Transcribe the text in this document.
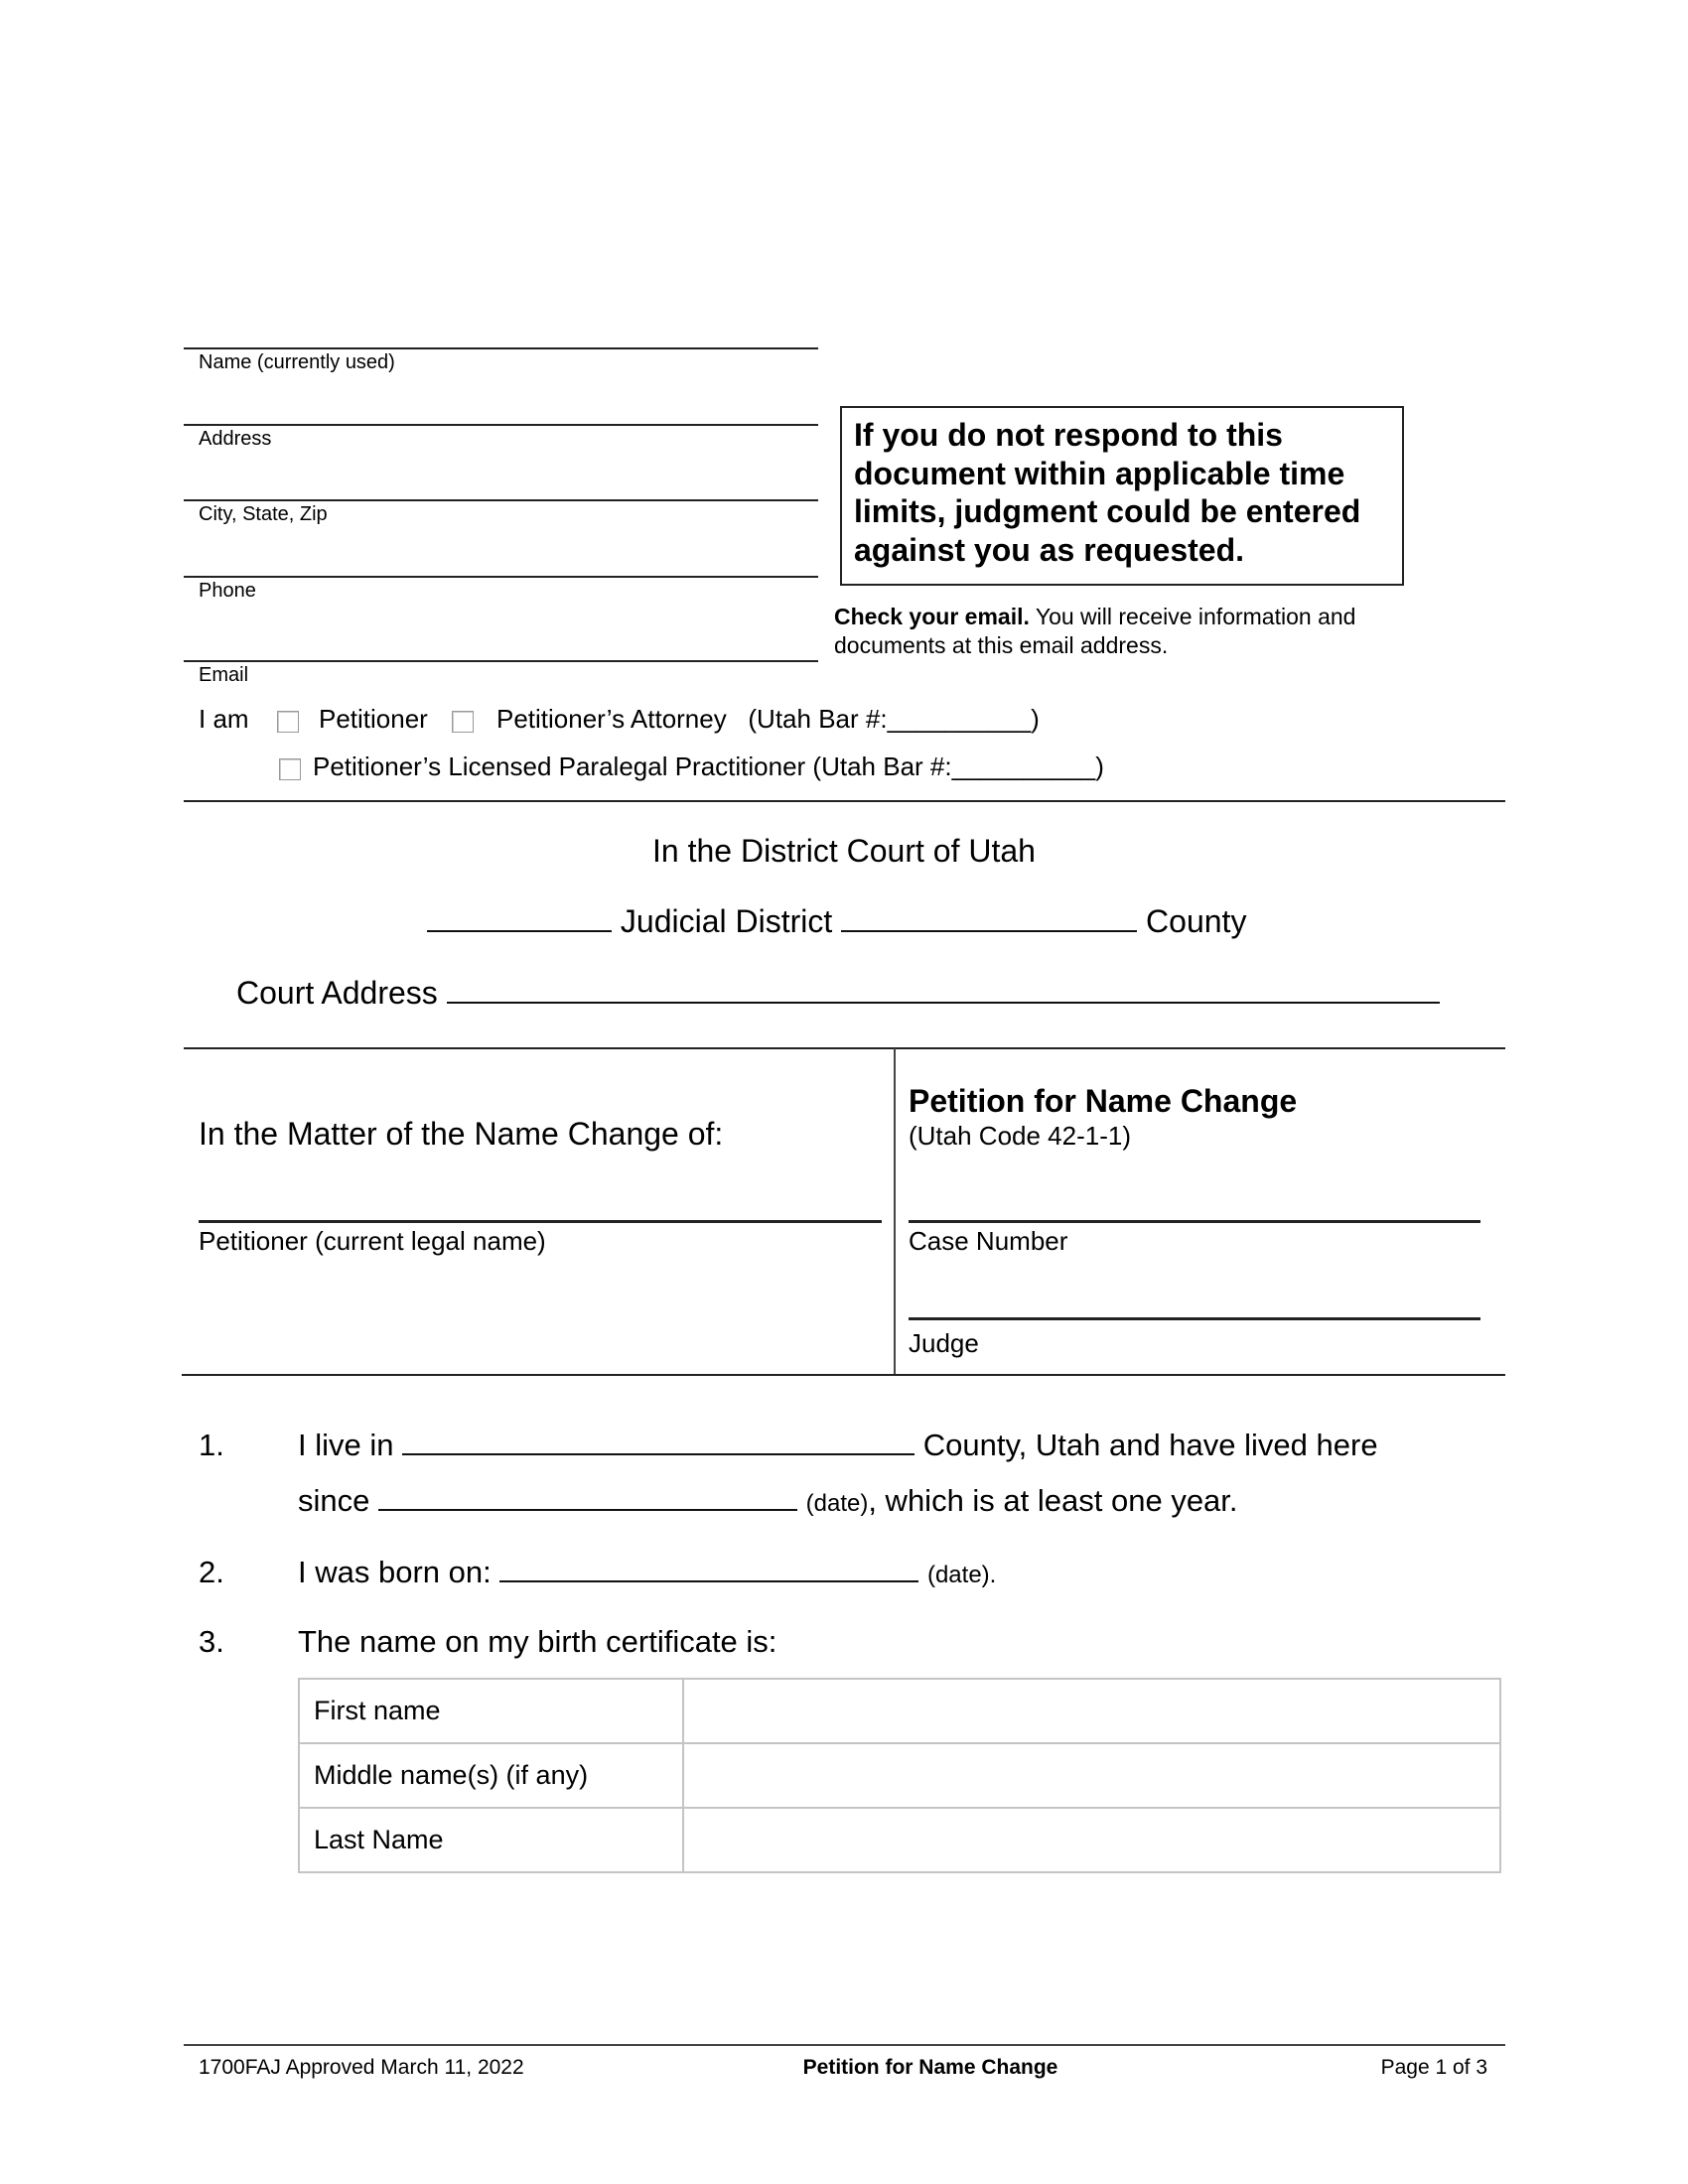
Name (currently used)
Address
City, State, Zip
Phone
Email
If you do not respond to this document within applicable time limits, judgment could be entered against you as requested.
Check your email. You will receive information and documents at this email address.
I am	Petitioner	Petitioner’s Attorney   (Utah Bar #:__________)
Petitioner’s Licensed Paralegal Practitioner (Utah Bar #:__________)
In the District Court of Utah
Judicial District	County
Court Address
In the Matter of the Name Change of:
Petitioner (current legal name)
Petition for Name Change
(Utah Code 42-1-1)
Case Number
Judge
1. I live in	County, Utah and have lived here
since	(date), which is at least one year.
2. I was born on:	(date).
3. The name on my birth certificate is:
First name	
Middle name(s) (if any)	
Last Name	
1700FAJ Approved March 11, 2022	Petition for Name Change	Page 1 of 3
